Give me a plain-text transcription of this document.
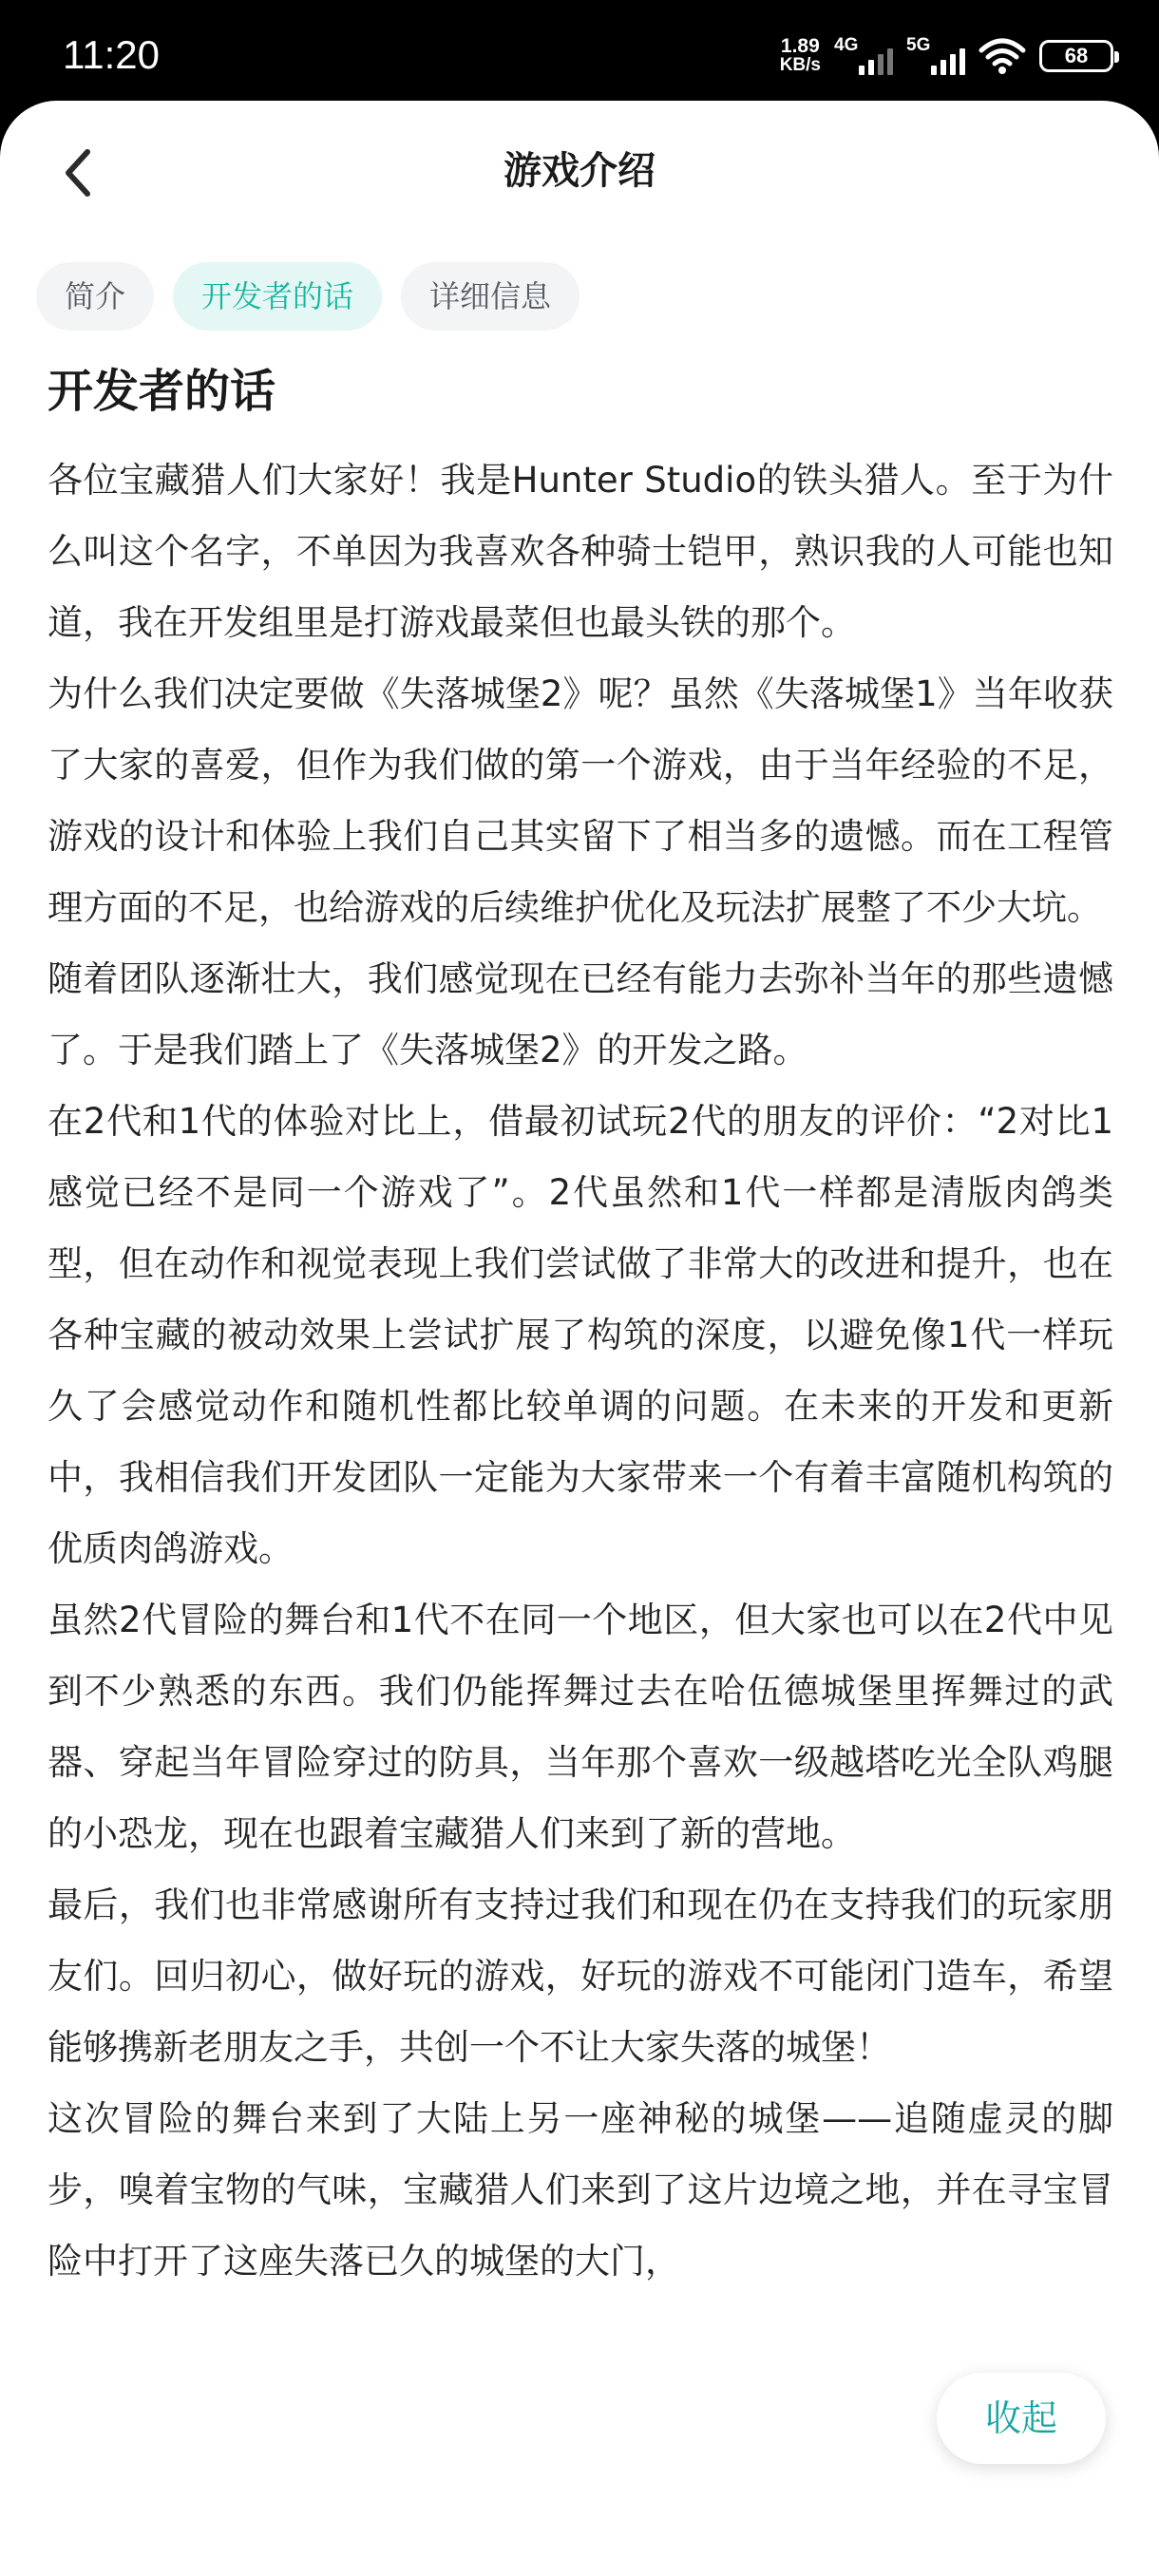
11:20	1.89
KB/s
4G	5G	68
游戏介绍
简介	开发者的话	详细信息
开发者的话

各位宝藏猎人们大家好！我是Hunter Studio的铁头猎人。至于为什么叫这个名字，不单因为我喜欢各种骑士铠甲，熟识我的人可能也知道，我在开发组里是打游戏最菜但也最头铁的那个。

为什么我们决定要做《失落城堡2》呢？虽然《失落城堡1》当年收获了大家的喜爱，但作为我们做的第一个游戏，由于当年经验的不足，游戏的设计和体验上我们自己其实留下了相当多的遗憾。而在工程管理方面的不足，也给游戏的后续维护优化及玩法扩展整了不少大坑。

随着团队逐渐壮大，我们感觉现在已经有能力去弥补当年的那些遗憾了。于是我们踏上了《失落城堡2》的开发之路。

在2代和1代的体验对比上，借最初试玩2代的朋友的评价：“2对比1感觉已经不是同一个游戏了”。2代虽然和1代一样都是清版肉鸽类型，但在动作和视觉表现上我们尝试做了非常大的改进和提升，也在各种宝藏的被动效果上尝试扩展了构筑的深度，以避免像1代一样玩久了会感觉动作和随机性都比较单调的问题。在未来的开发和更新中，我相信我们开发团队一定能为大家带来一个有着丰富随机构筑的优质肉鸽游戏。

虽然2代冒险的舞台和1代不在同一个地区，但大家也可以在2代中见到不少熟悉的东西。我们仍能挥舞过去在哈伍德城堡里挥舞过的武器、穿起当年冒险穿过的防具，当年那个喜欢一级越塔吃光全队鸡腿的小恐龙，现在也跟着宝藏猎人们来到了新的营地。

最后，我们也非常感谢所有支持过我们和现在仍在支持我们的玩家朋友们。回归初心，做好玩的游戏，好玩的游戏不可能闭门造车，希望能够携新老朋友之手，共创一个不让大家失落的城堡！

这次冒险的舞台来到了大陆上另一座神秘的城堡——追随虚灵的脚步，嗅着宝物的气味，宝藏猎人们来到了这片边境之地，并在寻宝冒险中打开了这座失落已久的城堡的大门，

收起
